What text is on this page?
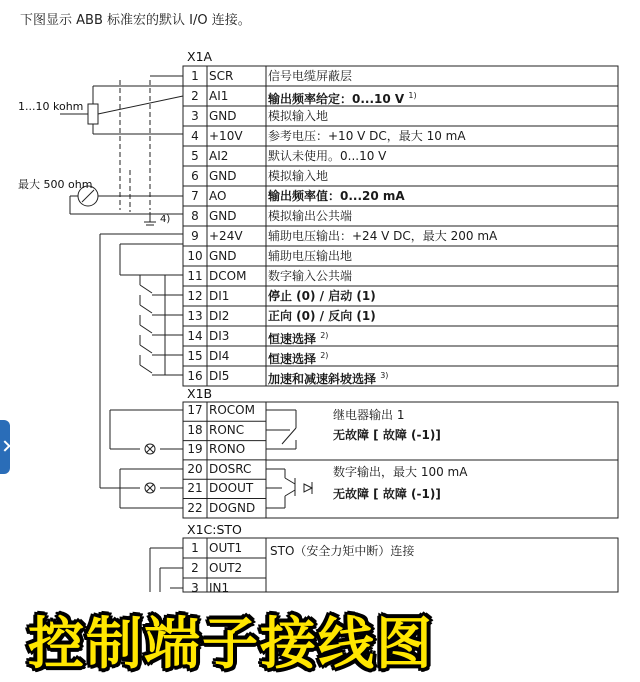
下图显示 ABB 标准宏的默认 I/O 连接。
X1A
X1B
X1C:STO
1...10 kohm
最大 500 ohm
4)
1 SCR	信号电缆屏蔽层
2 AI1	输出频率给定：0...10 V $^{1)}$
3 GND	模拟输入地
4 +10V 参考电压：+10 V DC，最大 10 mA
5 AI2	默认未使用。0...10 V
6 GND	模拟输入地
7 AO	输出频率值：0...20 mA
8 GND	模拟输出公共端
9 +24V 辅助电压输出：+24 V DC，最大 200 mA
10 GND	辅助电压输出地
11 DCOM 数字输入公共端
12 DI1	停止 (0) / 启动 (1)
13 DI2	正向 (0) / 反向 (1)
14 DI3	恒速选择 $^{2)}$
15 DI4	恒速选择 $^{2)}$
16 DI5	加速和减速斜坡选择 $^{3)}$
17 ROCOM
18 RONC
19 RONO
20 DOSRC
21 DOOUT
22 DOGND
1 OUT1
2 OUT2
3 IN1
继电器输出 1
无故障 [ 故障 (-1)]
数字输出，最大 100 mA
无故障 [ 故障 (-1)]
STO（安全力矩中断）连接
控制端子接线图
